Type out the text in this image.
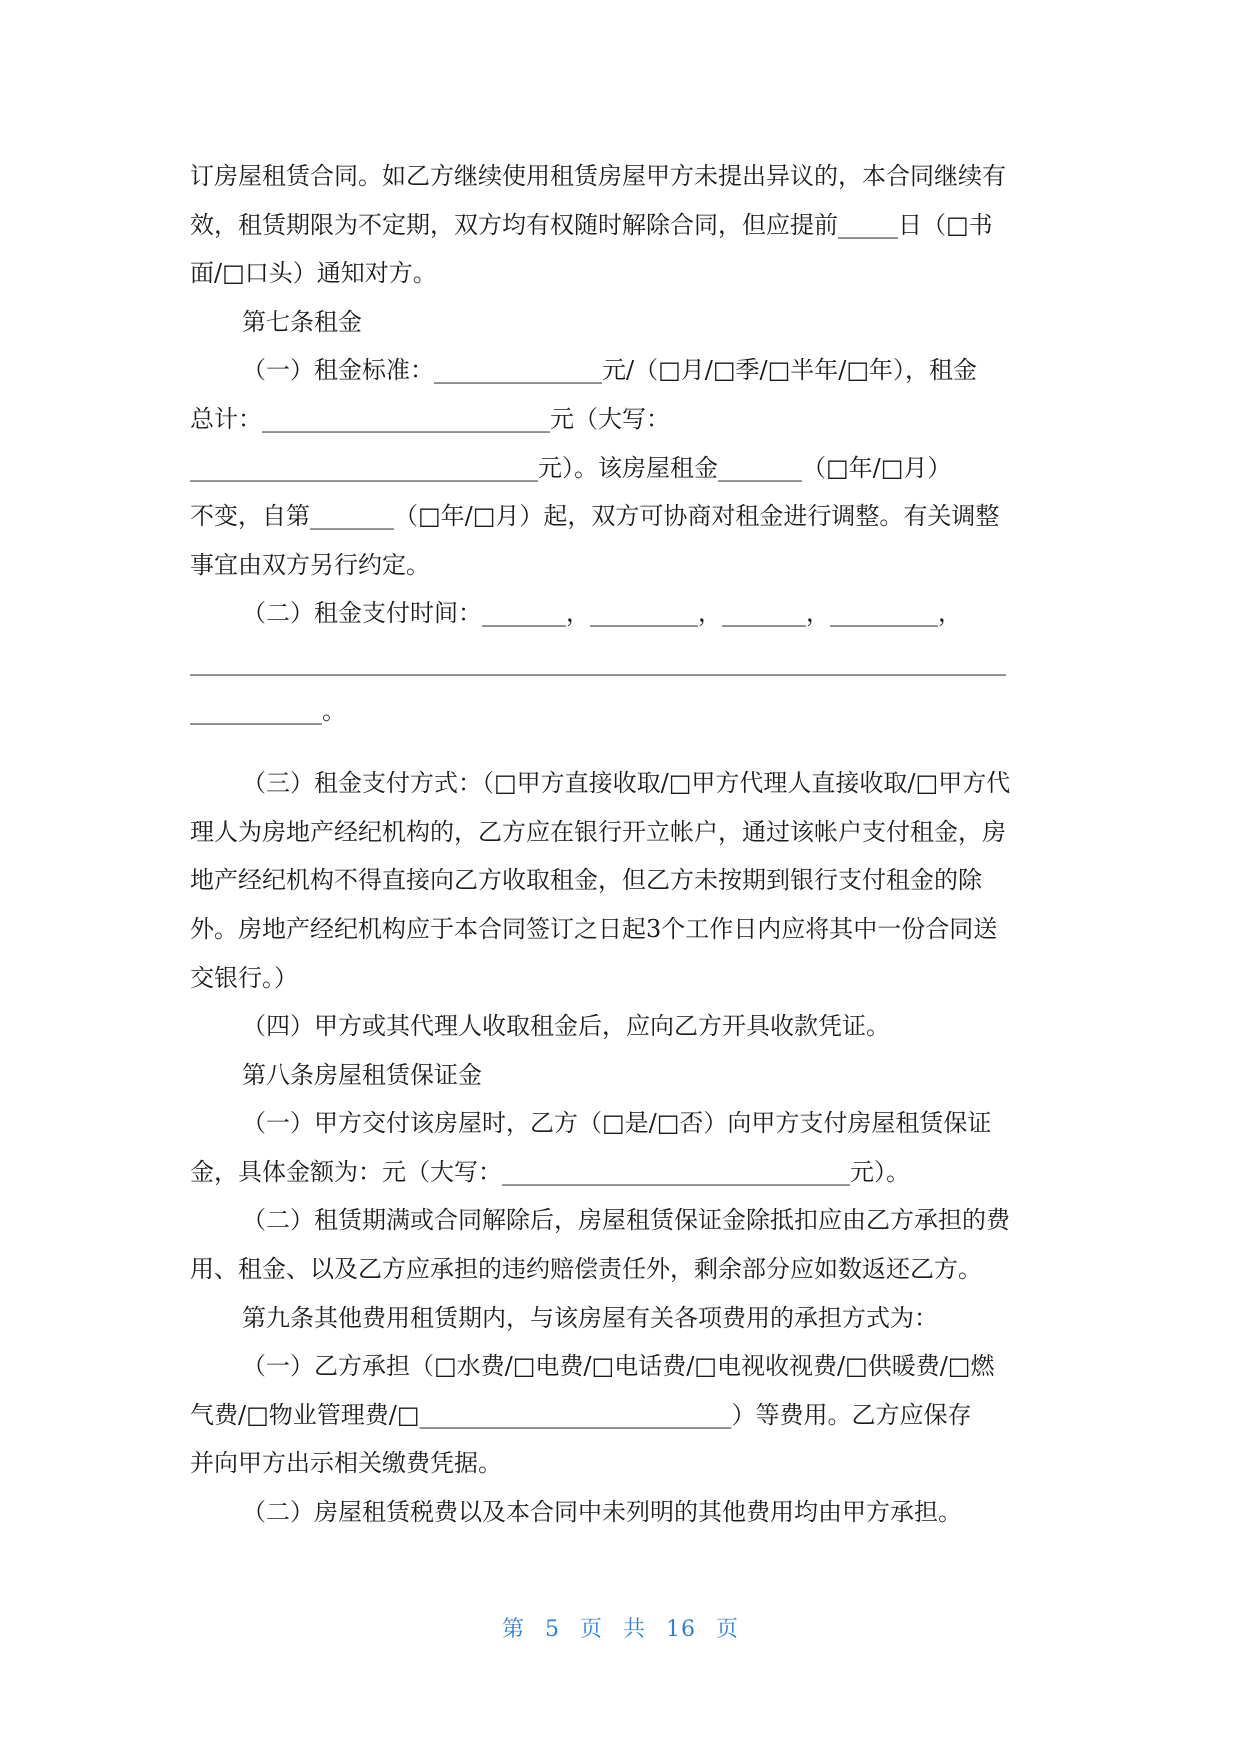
订房屋租赁合同。如乙方继续使用租赁房屋甲方未提出异议的，本合同继续有

效，租赁期限为不定期，双方均有权随时解除合同，但应提前_____日（□书

面/□口头）通知对方。

第七条租金

（一）租金标准：______________元/（□月/□季/□半年/□年），租金

总计：________________________元（大写：

_____________________________元）。该房屋租金_______（□年/□月）

不变，自第_______（□年/□月）起，双方可协商对租金进行调整。有关调整

事宜由双方另行约定。

（二）租金支付时间：_______，_________，_______，_________，

____________________________________________________________________

___________。

（三）租金支付方式：（□甲方直接收取/□甲方代理人直接收取/□甲方代

理人为房地产经纪机构的，乙方应在银行开立帐户，通过该帐户支付租金，房

地产经纪机构不得直接向乙方收取租金，但乙方未按期到银行支付租金的除

外。房地产经纪机构应于本合同签订之日起3个工作日内应将其中一份合同送

交银行。）

（四）甲方或其代理人收取租金后，应向乙方开具收款凭证。

第八条房屋租赁保证金

（一）甲方交付该房屋时，乙方（□是/□否）向甲方支付房屋租赁保证

金，具体金额为：元（大写：_____________________________元）。

（二）租赁期满或合同解除后，房屋租赁保证金除抵扣应由乙方承担的费

用、租金、以及乙方应承担的违约赔偿责任外，剩余部分应如数返还乙方。

第九条其他费用租赁期内，与该房屋有关各项费用的承担方式为：

（一）乙方承担（□水费/□电费/□电话费/□电视收视费/□供暖费/□燃

气费/□物业管理费/□__________________________）等费用。乙方应保存

并向甲方出示相关缴费凭据。

（二）房屋租赁税费以及本合同中未列明的其他费用均由甲方承担。

第 5 页 共 16 页
